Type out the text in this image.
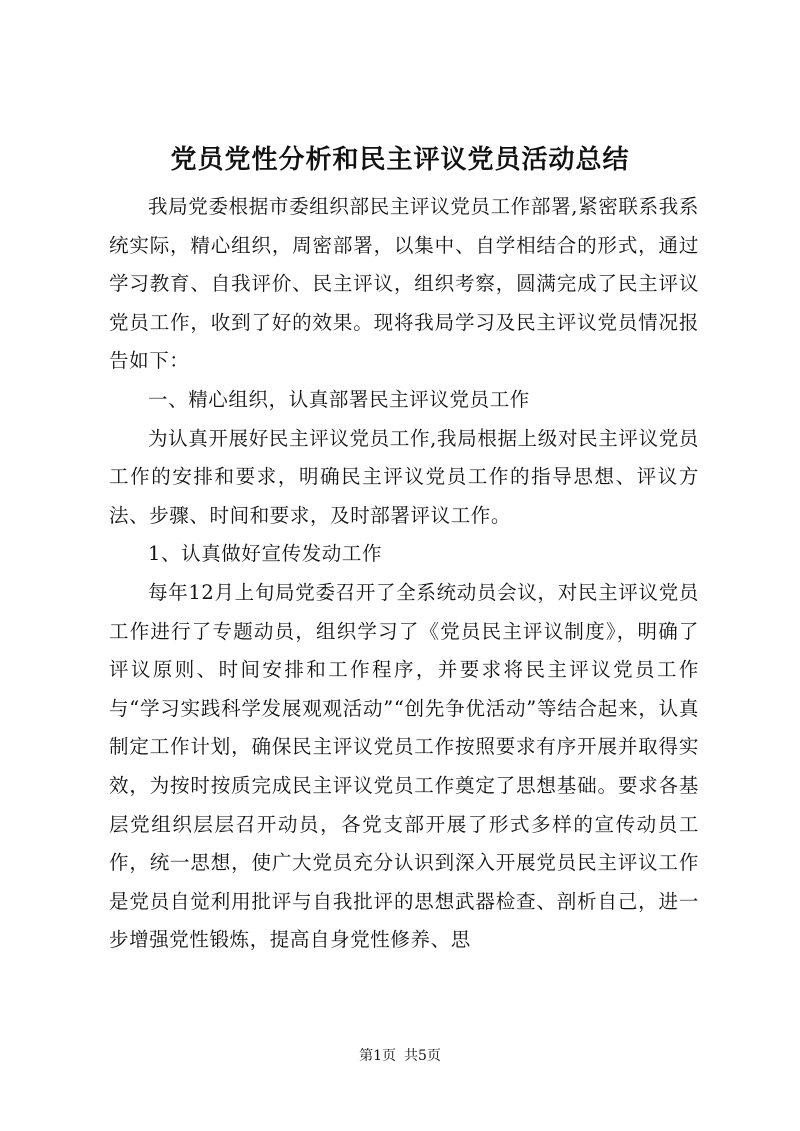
党员党性分析和民主评议党员活动总结

我局党委根据市委组织部民主评议党员工作部署,紧密联系我系统实际，精心组织，周密部署，以集中、自学相结合的形式，通过学习教育、自我评价、民主评议，组织考察，圆满完成了民主评议党员工作，收到了好的效果。现将我局学习及民主评议党员情况报告如下：

一、精心组织，认真部署民主评议党员工作

为认真开展好民主评议党员工作,我局根据上级对民主评议党员工作的安排和要求，明确民主评议党员工作的指导思想、评议方法、步骤、时间和要求，及时部署评议工作。

1、认真做好宣传发动工作

每年12月上旬局党委召开了全系统动员会议，对民主评议党员工作进行了专题动员，组织学习了《党员民主评议制度》，明确了评议原则、时间安排和工作程序，并要求将民主评议党员工作与“学习实践科学发展观观活动”“创先争优活动”等结合起来，认真制定工作计划，确保民主评议党员工作按照要求有序开展并取得实效，为按时按质完成民主评议党员工作奠定了思想基础。要求各基层党组织层层召开动员，各党支部开展了形式多样的宣传动员工作，统一思想，使广大党员充分认识到深入开展党员民主评议工作是党员自觉利用批评与自我批评的思想武器检查、剖析自己，进一步增强党性锻炼，提高自身党性修养、思

第1页 共5页
